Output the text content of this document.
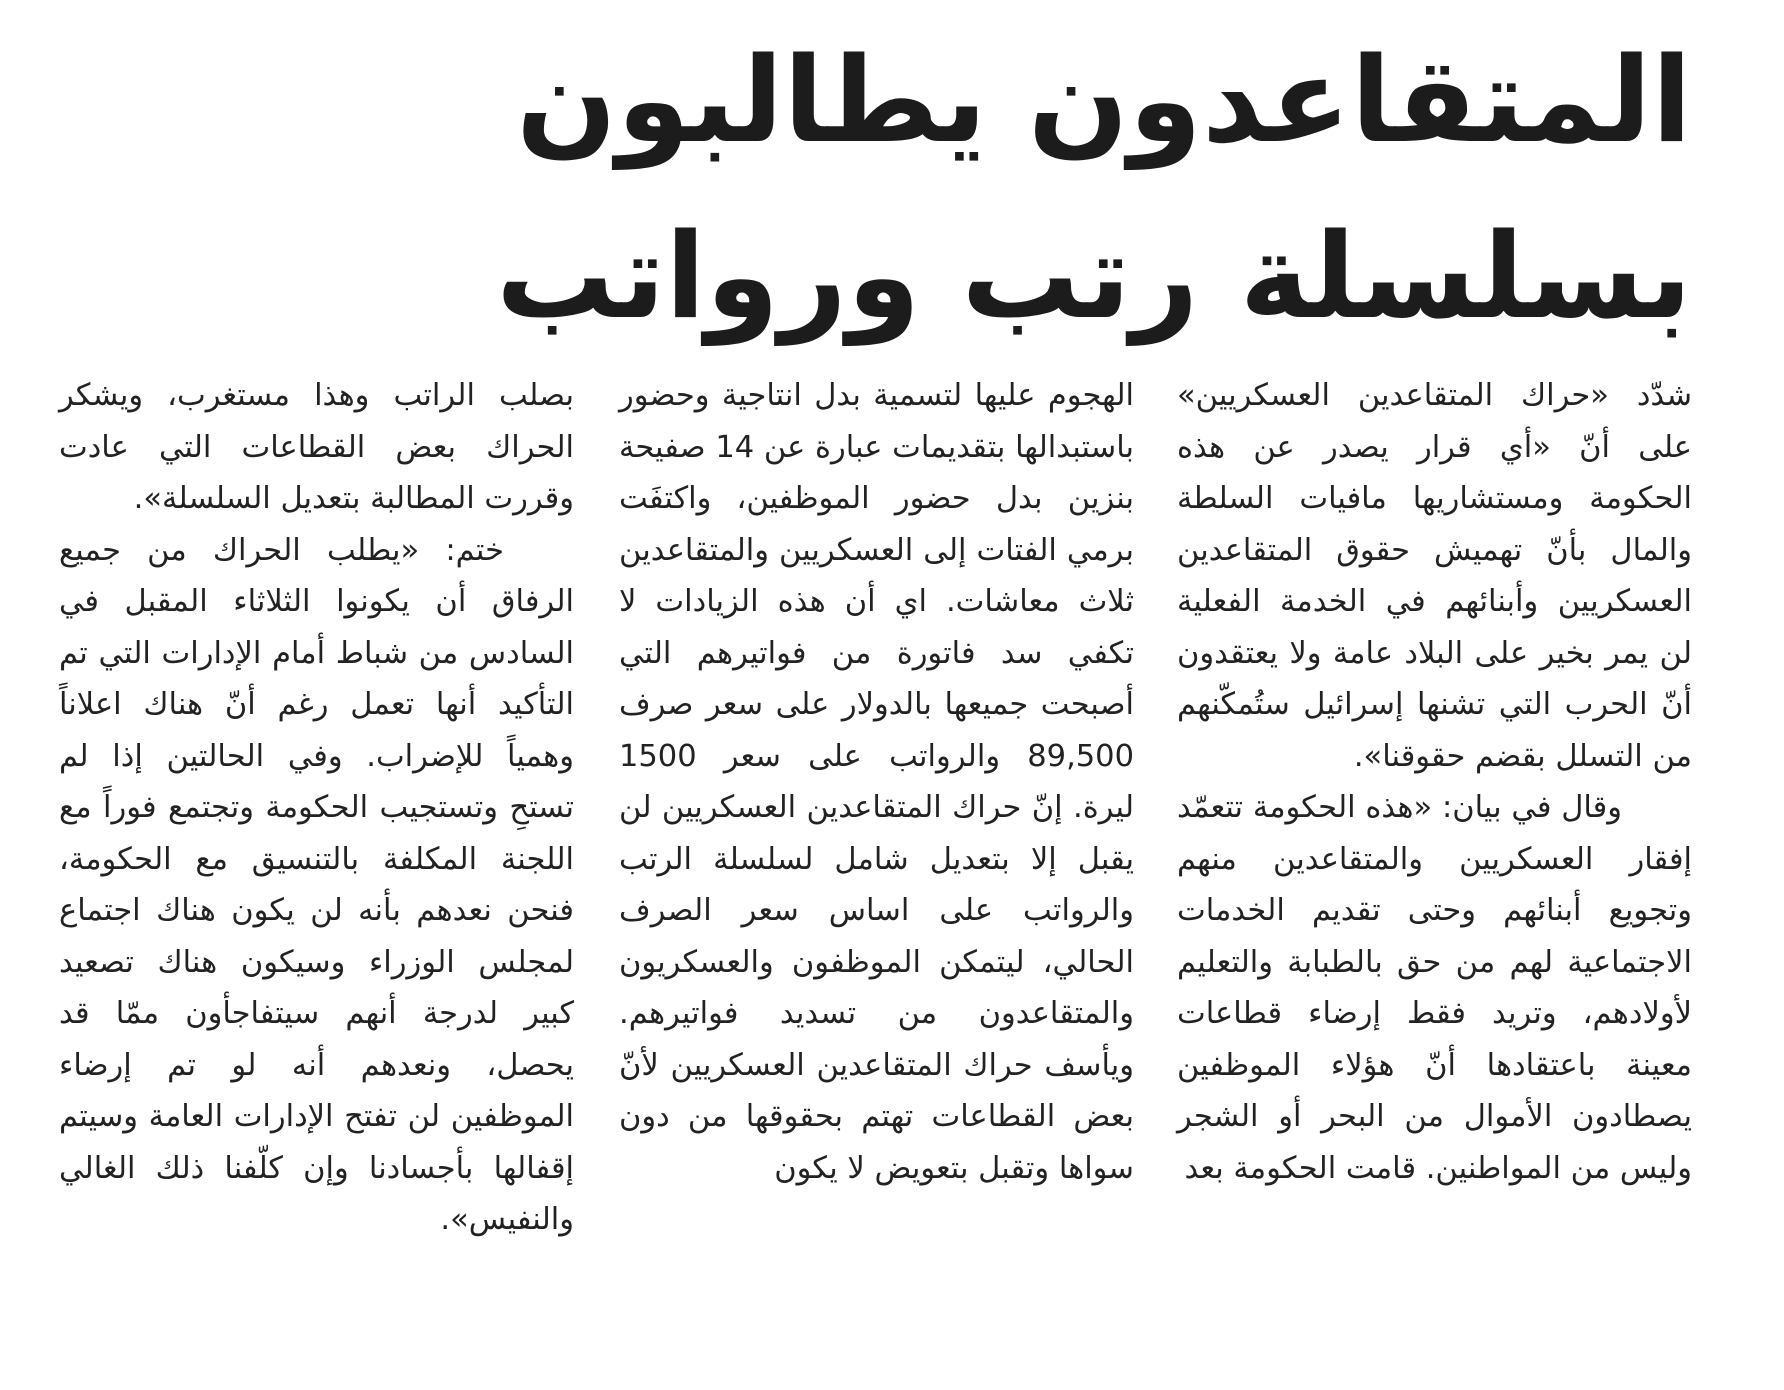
المتقاعدون يطالبون بسلسلة رتب ورواتب

شدّد «حراك المتقاعدين العسكريين» على أنّ «أي قرار يصدر عن هذه الحكومة ومستشاريها مافيات السلطة والمال بأنّ تهميش حقوق المتقاعدين العسكريين وأبنائهم في الخدمة الفعلية لن يمر بخير على البلاد عامة ولا يعتقدون أنّ الحرب التي تشنها إسرائيل ستُمكّنهم من التسلل بقضم حقوقنا».

وقال في بيان: «هذه الحكومة تتعمّد إفقار العسكريين والمتقاعدين منهم وتجويع أبنائهم وحتى تقديم الخدمات الاجتماعية لهم من حق بالطبابة والتعليم لأولادهم، وتريد فقط إرضاء قطاعات معينة باعتقادها أنّ هؤلاء الموظفين يصطادون الأموال من البحر أو الشجر وليس من المواطنين. قامت الحكومة بعد

الهجوم عليها لتسمية بدل انتاجية وحضور باستبدالها بتقديمات عبارة عن 14 صفيحة بنزين بدل حضور الموظفين، واكتفَت برمي الفتات إلى العسكريين والمتقاعدين ثلاث معاشات. اي أن هذه الزيادات لا تكفي سد فاتورة من فواتيرهم التي أصبحت جميعها بالدولار على سعر صرف 89,500 والرواتب على سعر 1500 ليرة. إنّ حراك المتقاعدين العسكريين لن يقبل إلا بتعديل شامل لسلسلة الرتب والرواتب على اساس سعر الصرف الحالي، ليتمكن الموظفون والعسكريون والمتقاعدون من تسديد فواتيرهم. ويأسف حراك المتقاعدين العسكريين لأنّ بعض القطاعات تهتم بحقوقها من دون سواها وتقبل بتعويض لا يكون

بصلب الراتب وهذا مستغرب، ويشكر الحراك بعض القطاعات التي عادت وقررت المطالبة بتعديل السلسلة».

ختم: «يطلب الحراك من جميع الرفاق أن يكونوا الثلاثاء المقبل في السادس من شباط أمام الإدارات التي تم التأكيد أنها تعمل رغم أنّ هناك اعلاناً وهمياً للإضراب. وفي الحالتين إذا لم تستحِ وتستجيب الحكومة وتجتمع فوراً مع اللجنة المكلفة بالتنسيق مع الحكومة، فنحن نعدهم بأنه لن يكون هناك اجتماع لمجلس الوزراء وسيكون هناك تصعيد كبير لدرجة أنهم سيتفاجأون ممّا قد يحصل، ونعدهم أنه لو تم إرضاء الموظفين لن تفتح الإدارات العامة وسيتم إقفالها بأجسادنا وإن كلّفنا ذلك الغالي والنفيس».
